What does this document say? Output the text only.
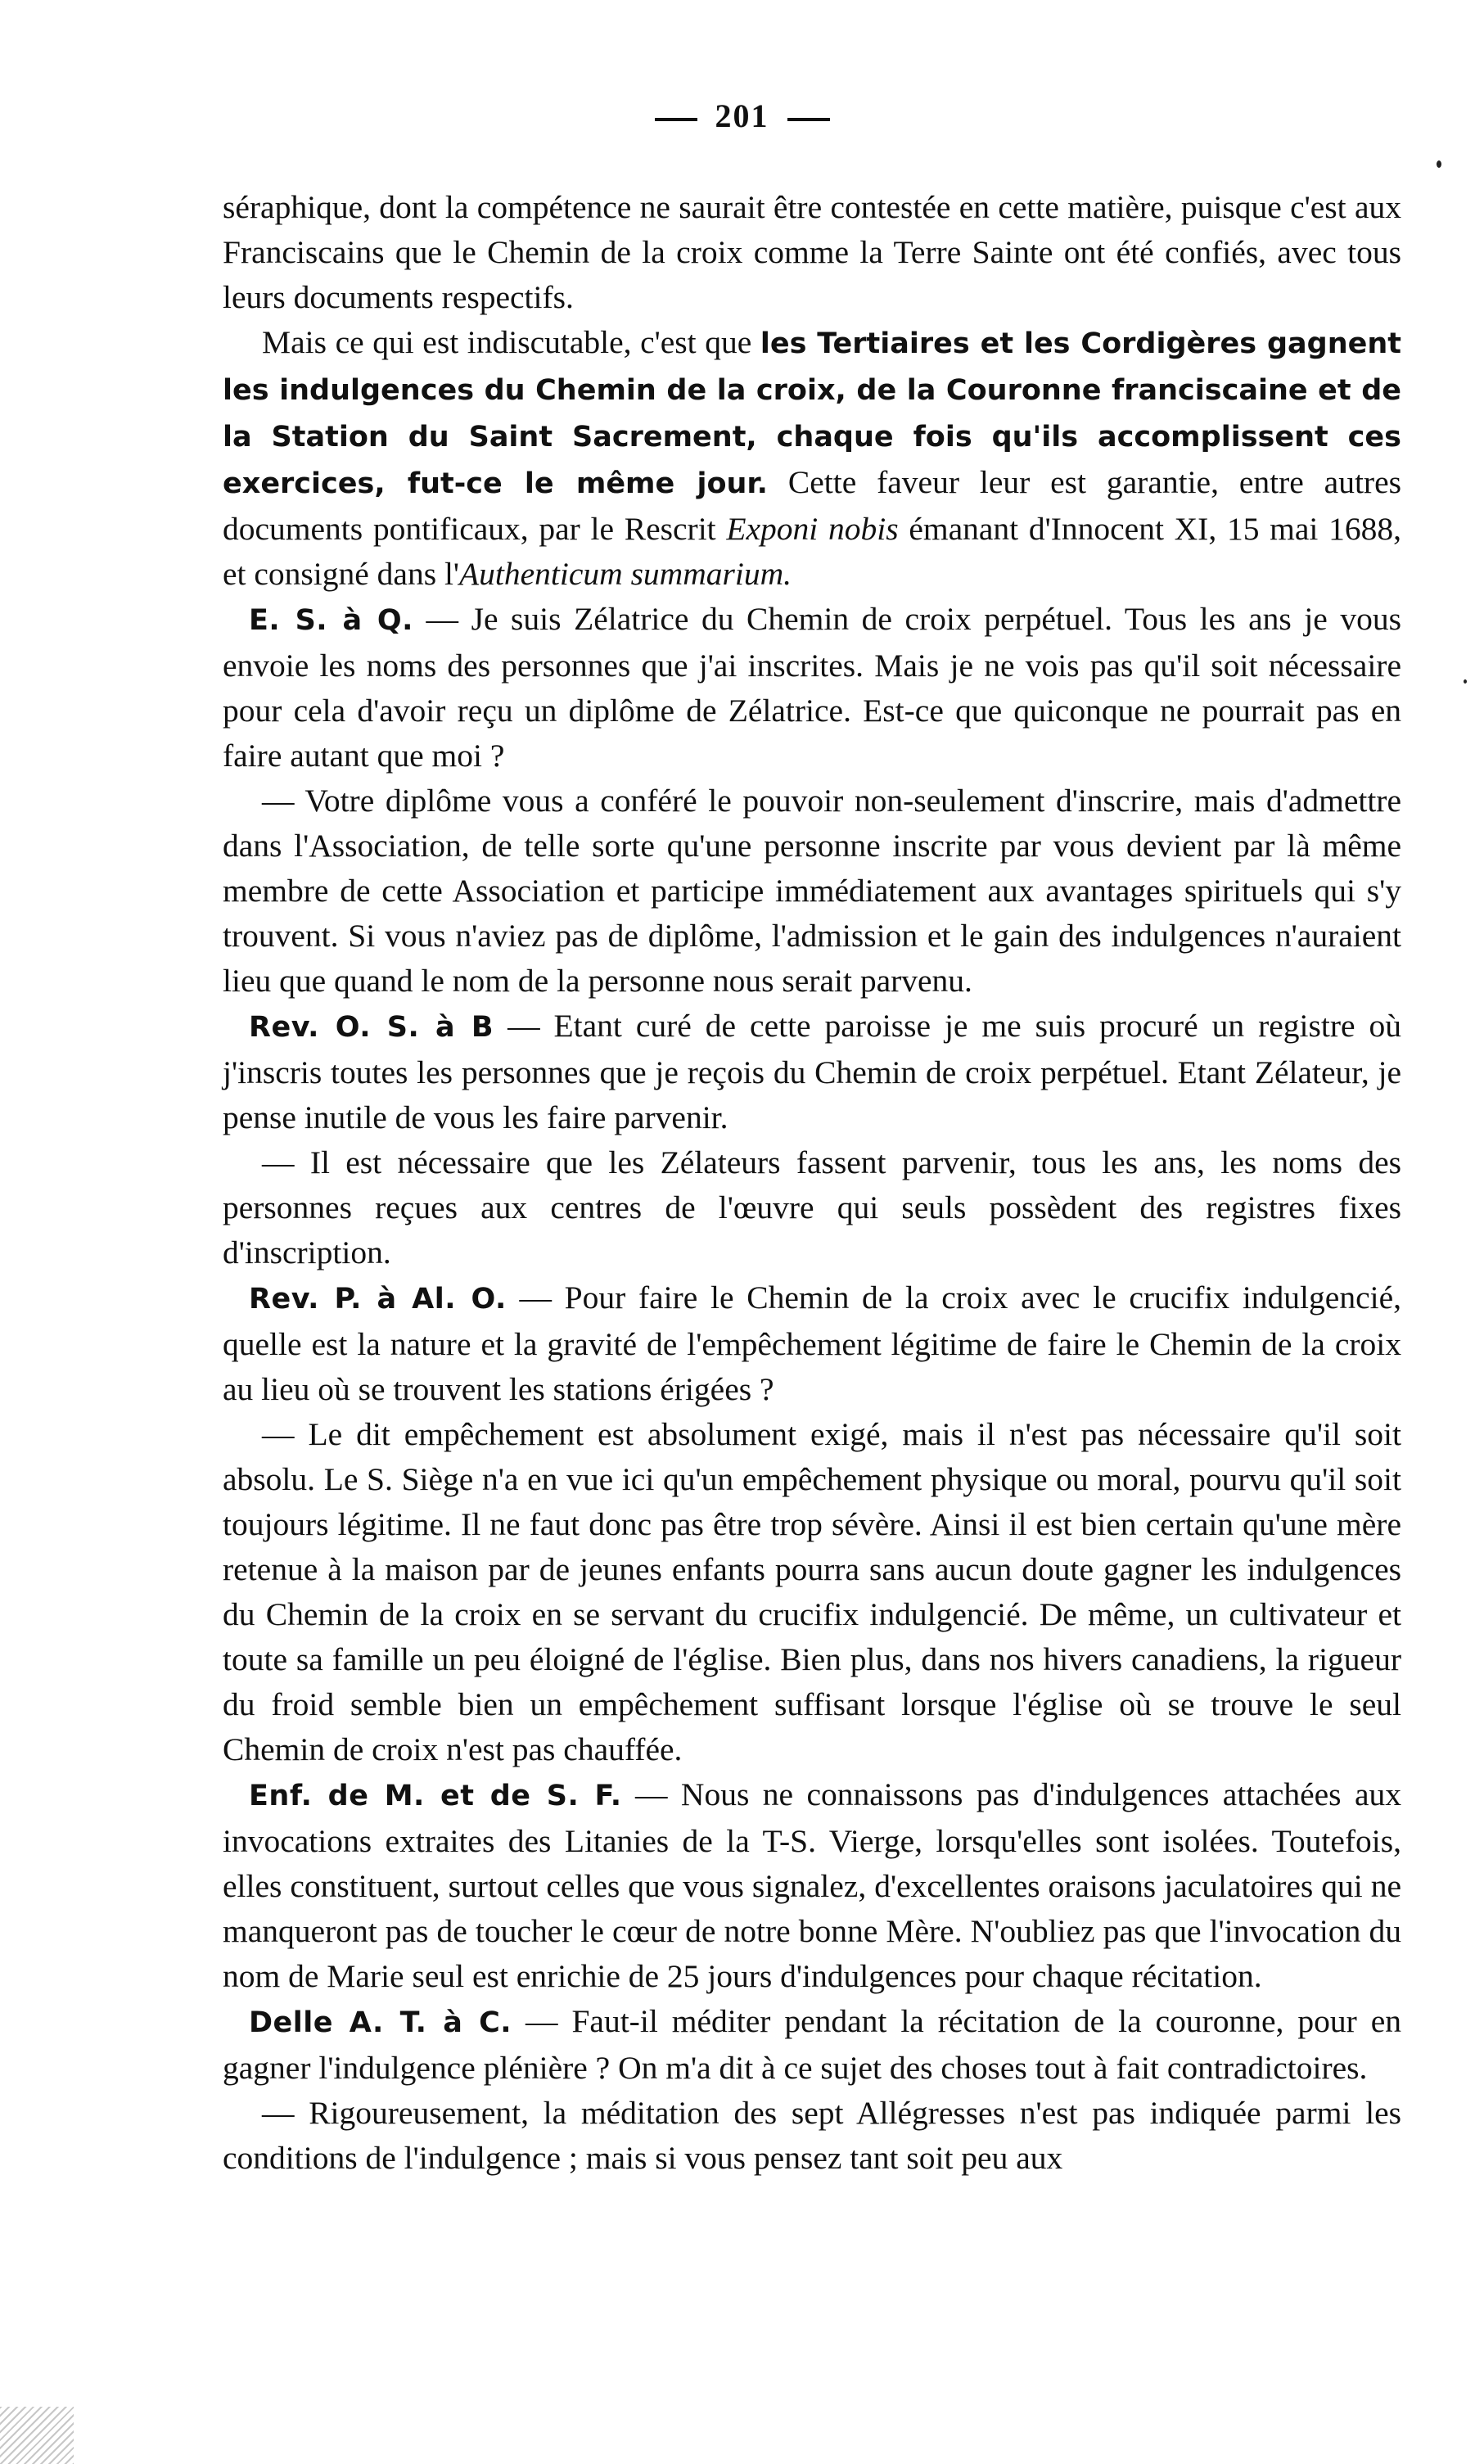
201

séraphique, dont la compétence ne saurait être contestée en cette matière, puisque c'est aux Franciscains que le Chemin de la croix comme la Terre Sainte ont été confiés, avec tous leurs documents respectifs.

Mais ce qui est indiscutable, c'est que les Tertiaires et les Cordigères gagnent les indulgences du Chemin de la croix, de la Couronne franciscaine et de la Station du Saint Sacrement, chaque fois qu'ils accomplissent ces exercices, fut-ce le même jour. Cette faveur leur est garantie, entre autres documents pontificaux, par le Rescrit Exponi nobis émanant d'Innocent XI, 15 mai 1688, et consigné dans l'Authenticum summarium.

E. S. à Q. — Je suis Zélatrice du Chemin de croix perpétuel. Tous les ans je vous envoie les noms des personnes que j'ai inscrites. Mais je ne vois pas qu'il soit nécessaire pour cela d'avoir reçu un diplôme de Zélatrice. Est-ce que quiconque ne pourrait pas en faire autant que moi ?

— Votre diplôme vous a conféré le pouvoir non-seulement d'inscrire, mais d'admettre dans l'Association, de telle sorte qu'une personne inscrite par vous devient par là même membre de cette Association et participe immédiatement aux avantages spirituels qui s'y trouvent. Si vous n'aviez pas de diplôme, l'admission et le gain des indulgences n'auraient lieu que quand le nom de la personne nous serait parvenu.

Rev. O. S. à B — Etant curé de cette paroisse je me suis procuré un registre où j'inscris toutes les personnes que je reçois du Chemin de croix perpétuel. Etant Zélateur, je pense inutile de vous les faire parvenir.

— Il est nécessaire que les Zélateurs fassent parvenir, tous les ans, les noms des personnes reçues aux centres de l'œuvre qui seuls possèdent des registres fixes d'inscription.

Rev. P. à Al. O. — Pour faire le Chemin de la croix avec le crucifix indulgencié, quelle est la nature et la gravité de l'empêchement légitime de faire le Chemin de la croix au lieu où se trouvent les stations érigées ?

— Le dit empêchement est absolument exigé, mais il n'est pas nécessaire qu'il soit absolu. Le S. Siège n'a en vue ici qu'un empêchement physique ou moral, pourvu qu'il soit toujours légitime. Il ne faut donc pas être trop sévère. Ainsi il est bien certain qu'une mère retenue à la maison par de jeunes enfants pourra sans aucun doute gagner les indulgences du Chemin de la croix en se servant du crucifix indulgencié. De même, un cultivateur et toute sa famille un peu éloigné de l'église. Bien plus, dans nos hivers canadiens, la rigueur du froid semble bien un empêchement suffisant lorsque l'église où se trouve le seul Chemin de croix n'est pas chauffée.

Enf. de M. et de S. F. — Nous ne connaissons pas d'indulgences attachées aux invocations extraites des Litanies de la T-S. Vierge, lorsqu'elles sont isolées. Toutefois, elles constituent, surtout celles que vous signalez, d'excellentes oraisons jaculatoires qui ne manqueront pas de toucher le cœur de notre bonne Mère. N'oubliez pas que l'invocation du nom de Marie seul est enrichie de 25 jours d'indulgences pour chaque récitation.

Delle A. T. à C. — Faut-il méditer pendant la récitation de la couronne, pour en gagner l'indulgence plénière ? On m'a dit à ce sujet des choses tout à fait contradictoires.

— Rigoureusement, la méditation des sept Allégresses n'est pas indiquée parmi les conditions de l'indulgence ; mais si vous pensez tant soit peu aux
